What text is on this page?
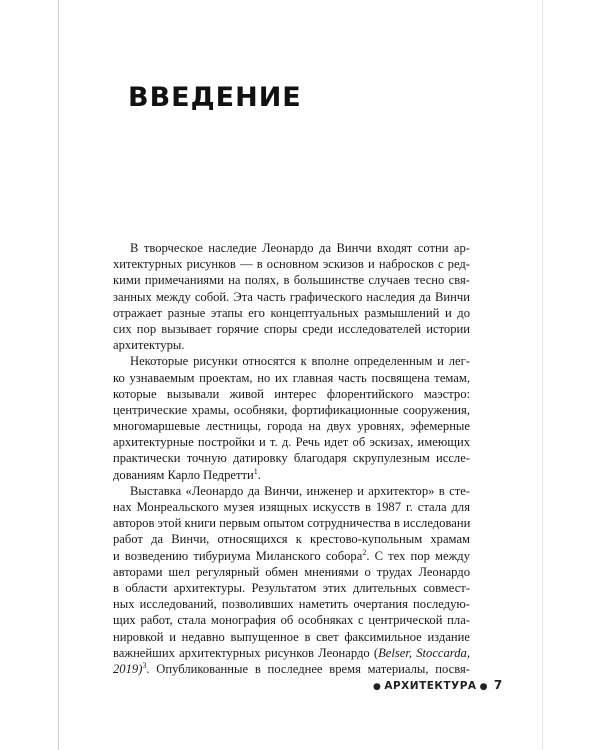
ВВЕДЕНИЕ
В творческое наследие Леонардо да Винчи входят сотни ар-
хитектурных рисунков — в основном эскизов и набросков с ред-
кими примечаниями на полях, в большинстве случаев тесно свя-
занных между собой. Эта часть графического наследия да Винчи
отражает разные этапы его концептуальных размышлений и до
сих пор вызывает горячие споры среди исследователей истории
архитектуры.
Некоторые рисунки относятся к вполне определенным и лег-
ко узнаваемым проектам, но их главная часть посвящена темам,
которые вызывали живой интерес флорентийского маэстро:
центрические храмы, особняки, фортификационные сооружения,
многомаршевые лестницы, города на двух уровнях, эфемерные
архитектурные постройки и т. д. Речь идет об эскизах, имеющих
практически точную датировку благодаря скрупулезным иссле-
дованиям Карло Педретти$^1$.
Выставка «Леонардо да Винчи, инженер и архитектор» в сте-
нах Монреальского музея изящных искусств в 1987 г. стала для
авторов этой книги первым опытом сотрудничества в исследовани
работ да Винчи, относящихся к крестово-купольным храмам
и возведению тибуриума Миланского собора$^2$. С тех пор между
авторами шел регулярный обмен мнениями о трудах Леонардо
в области архитектуры. Результатом этих длительных совмест-
ных исследований, позволивших наметить очертания последую-
щих работ, стала монография об особняках с центрической пла-
нировкой и недавно выпущенное в свет факсимильное издание
важнейших архитектурных рисунков Леонардо (Belser, Stoccarda,
2019)$^3$. Опубликованные в последнее время материалы, посвя-
● АРХИТЕКТУРА ● 7
